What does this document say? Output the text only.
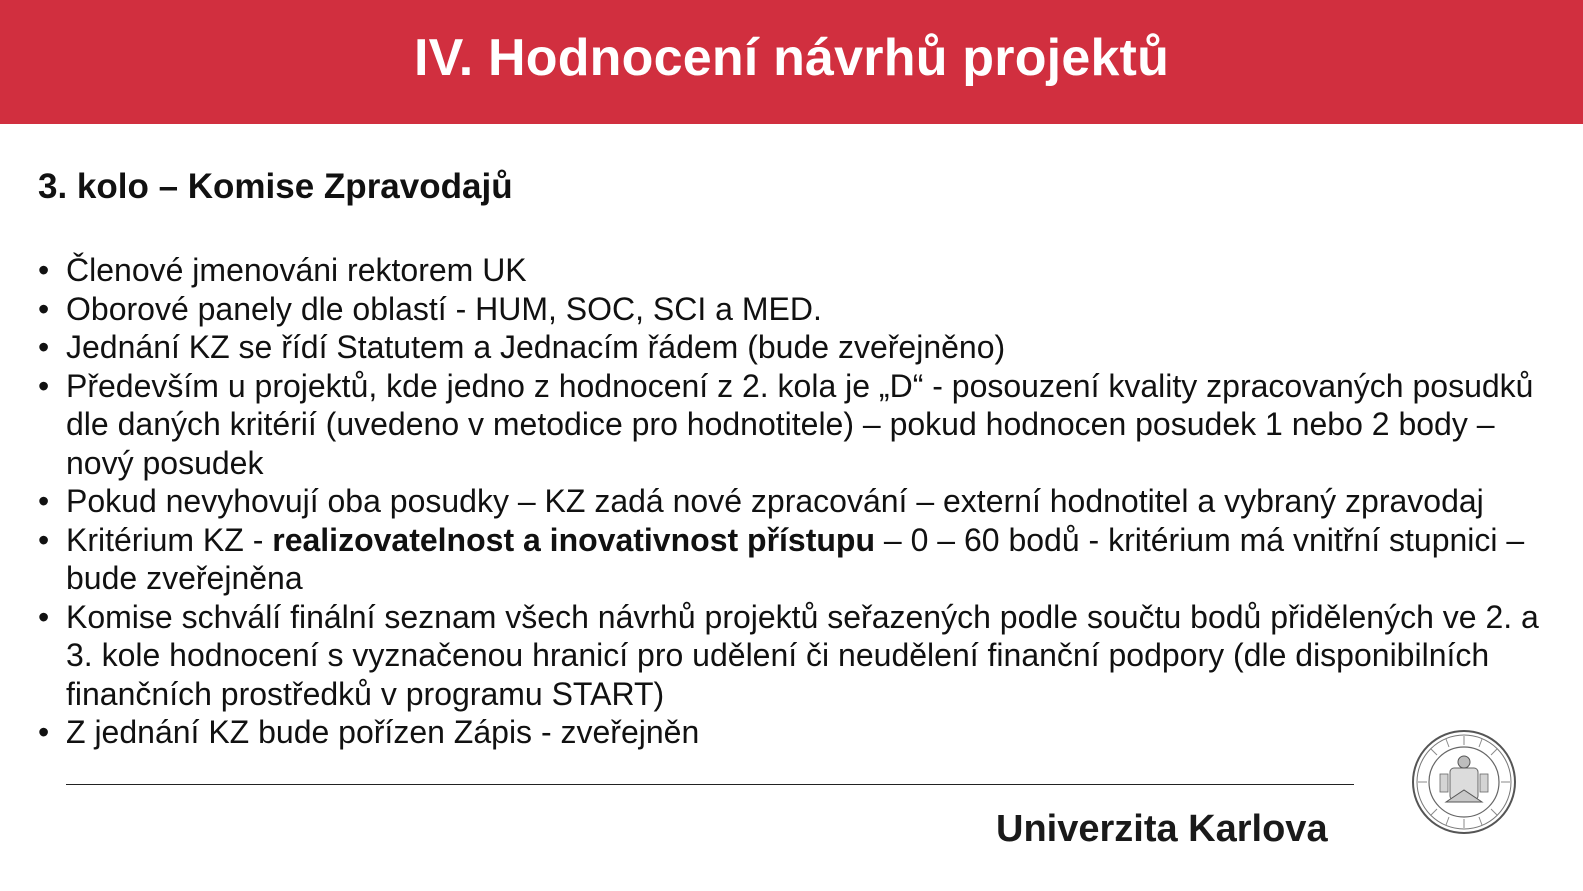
IV. Hodnocení návrhů projektů
3. kolo – Komise Zpravodajů
• Členové jmenováni rektorem UK
• Oborové panely dle oblastí - HUM, SOC, SCI a MED.
• Jednání KZ se řídí Statutem a Jednacím řádem (bude zveřejněno)
• Především u projektů, kde jedno z hodnocení z 2. kola je „D“ - posouzení kvality zpracovaných posudků dle daných kritérií (uvedeno v metodice pro hodnotitele) – pokud hodnocen posudek 1 nebo 2 body – nový posudek
• Pokud nevyhovují oba posudky – KZ zadá nové zpracování – externí hodnotitel a vybraný zpravodaj
• Kritérium KZ - realizovatelnost a inovativnost přístupu – 0 – 60 bodů - kritérium má vnitřní stupnici – bude zveřejněna
• Komise schválí finální seznam všech návrhů projektů seřazených podle součtu bodů přidělených ve 2. a 3. kole hodnocení s vyznačenou hranicí pro udělení či neudělení finanční podpory (dle disponibilních finančních prostředků v programu START)
• Z jednání KZ bude pořízen Zápis - zveřejněn
Univerzita Karlova
